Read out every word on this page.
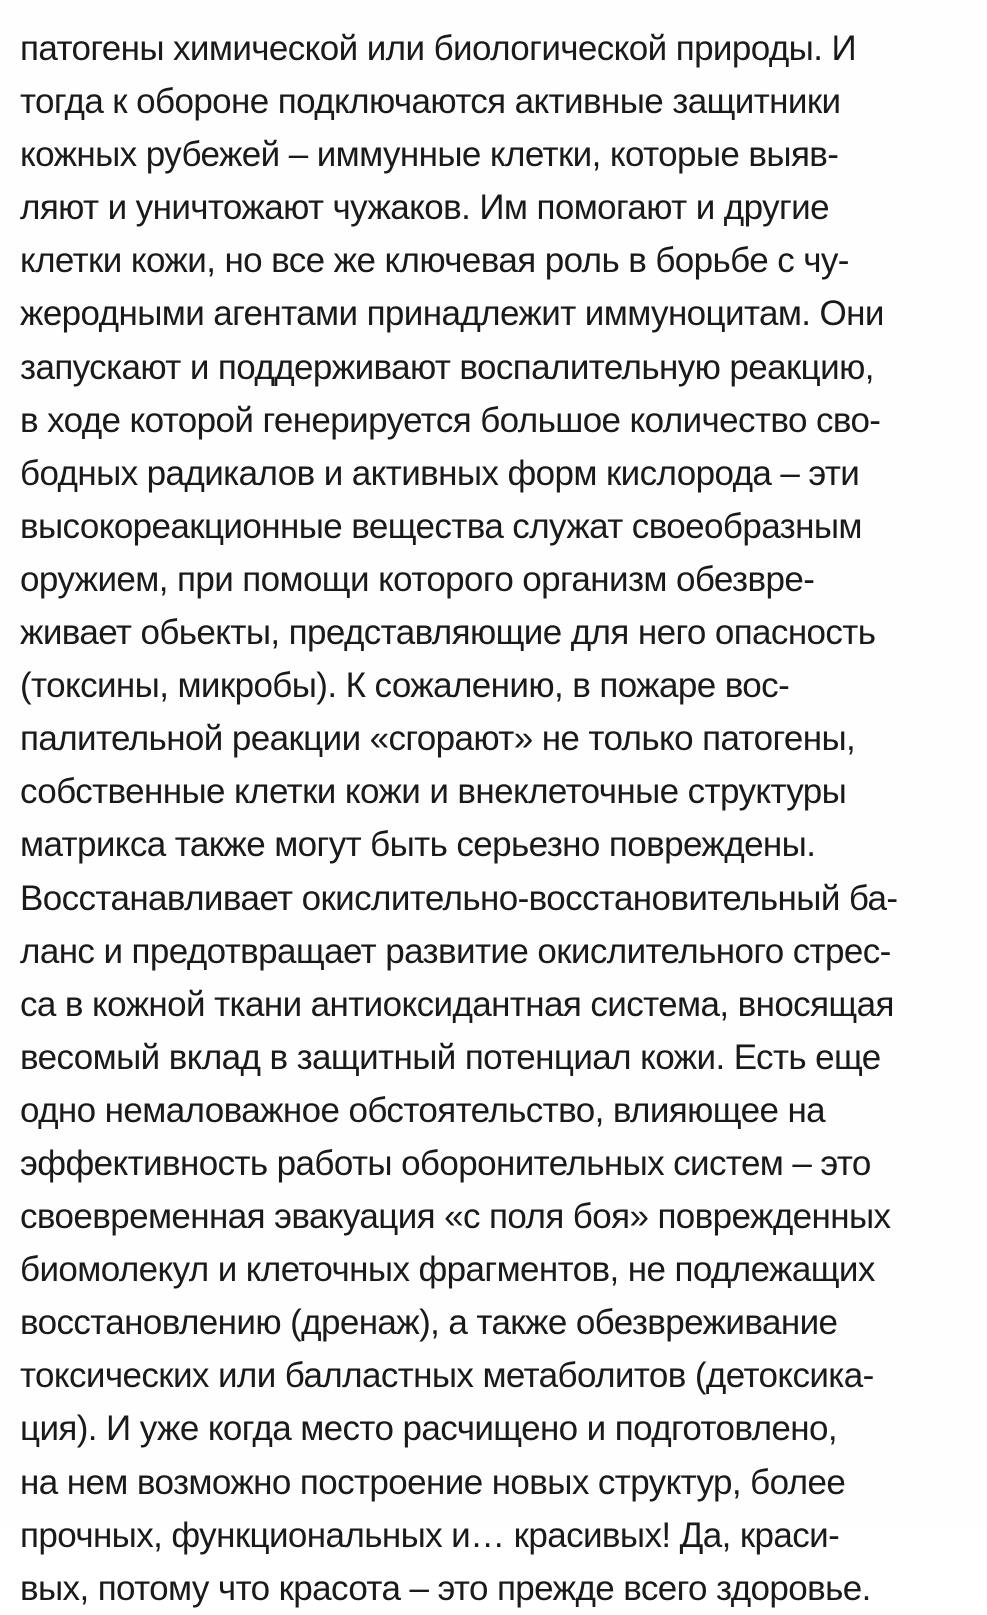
патогены химической или биологической природы. И
тогда к обороне подключаются активные защитники
кожных рубежей – иммунные клетки, которые выяв-
ляют и уничтожают чужаков. Им помогают и другие
клетки кожи, но все же ключевая роль в борьбе с чу-
жеродными агентами принадлежит иммуноцитам. Они
запускают и поддерживают воспалительную реакцию,
в ходе которой генерируется большое количество сво-
бодных радикалов и активных форм кислорода – эти
высокореакционные вещества служат своеобразным
оружием, при помощи которого организм обезвре-
живает обьекты, представляющие для него опасность
(токсины, микробы). К сожалению, в пожаре вос-
палительной реакции «сгорают» не только патогены,
собственные клетки кожи и внеклеточные структуры
матрикса также могут быть серьезно повреждены.
Восстанавливает окислительно-восстановительный ба-
ланс и предотвращает развитие окислительного стрес-
са в кожной ткани антиоксидантная система, вносящая
весомый вклад в защитный потенциал кожи. Есть еще
одно немаловажное обстоятельство, влияющее на
эффективность работы оборонительных систем – это
своевременная эвакуация «с поля боя» поврежденных
биомолекул и клеточных фрагментов, не подлежащих
восстановлению (дренаж), а также обезвреживание
токсических или балластных метаболитов (детоксика-
ция). И уже когда место расчищено и подготовлено,
на нем возможно построение новых структур, более
прочных, функциональных и… красивых! Да, краси-
вых, потому что красота – это прежде всего здоровье.
